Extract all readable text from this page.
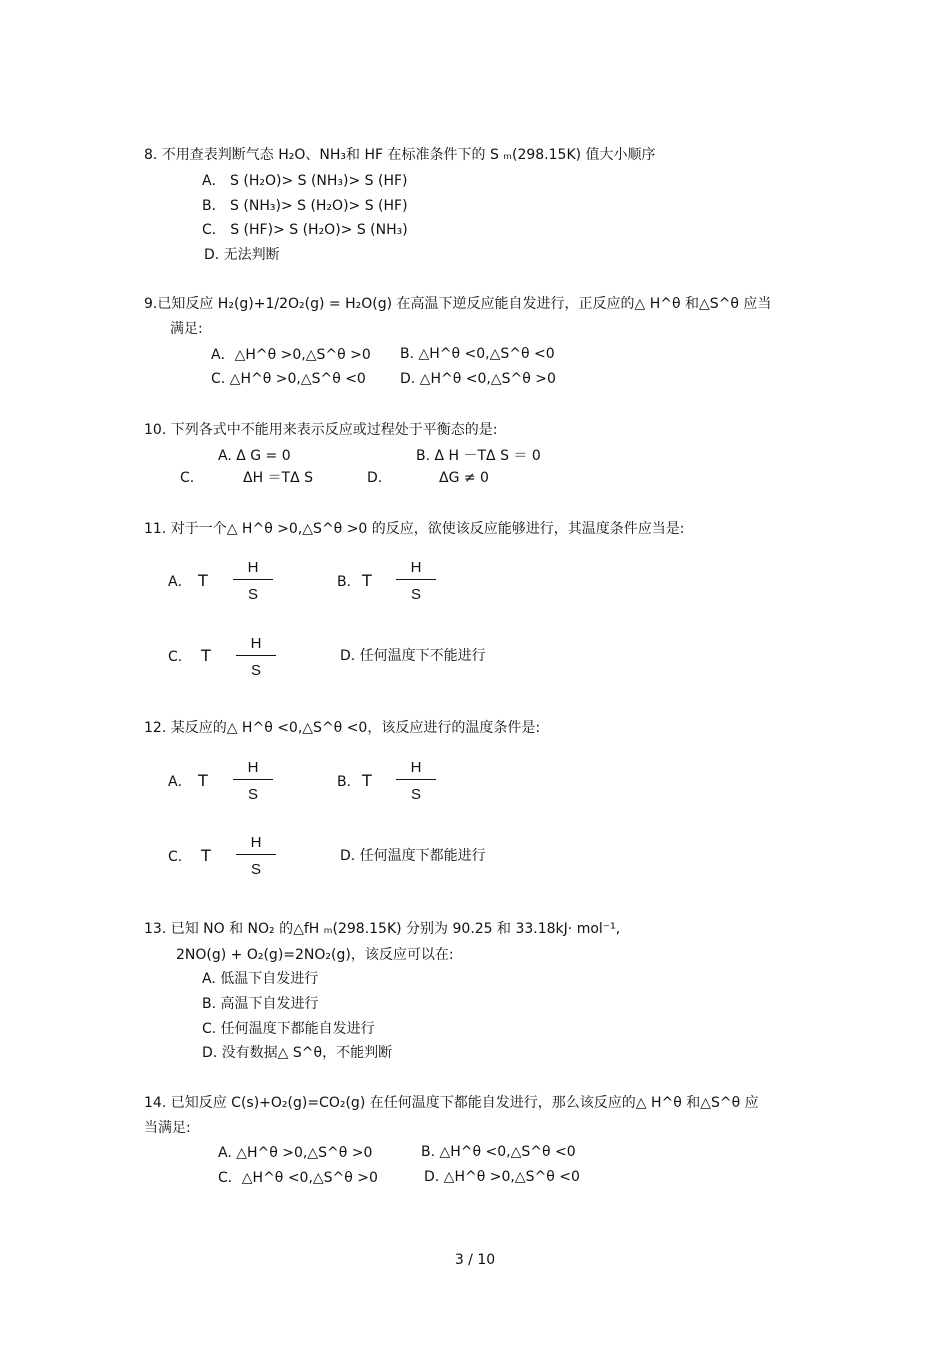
8. 不用查表判断气态 H₂O、NH₃和 HF 在标准条件下的 S ₘ(298.15K) 值大小顺序
A． S (H₂O)> S (NH₃)> S (HF)
B． S (NH₃)> S (H₂O)> S (HF)
C． S (HF)> S (H₂O)> S (NH₃)
D. 无法判断
9.已知反应 H₂(g)+1/2O₂(g) = H₂O(g) 在高温下逆反应能自发进行，正反应的△ H^θ 和△S^θ 应当
满足:
A．△H^θ >0,△S^θ >0 B. △H^θ <0,△S^θ <0
C. △H^θ >0,△S^θ <0 D. △H^θ <0,△S^θ >0
10. 下列各式中不能用来表示反应或过程处于平衡态的是:
A. Δ G = 0	B. Δ H －TΔ S ＝ 0
C.	ΔH ＝TΔ S	D.	ΔG ≠ 0
11. 对于一个△ H^θ >0,△S^θ >0 的反应，欲使该反应能够进行，其温度条件应当是:
A． T
H
S
B. T
H
S
C. T
H
S
D. 任何温度下不能进行
12. 某反应的△ H^θ <0,△S^θ <0，该反应进行的温度条件是:
A． T
H
S
B. T
H
S
C. T
H
S
D. 任何温度下都能进行
13. 已知 NO 和 NO₂ 的△fH ₘ(298.15K) 分别为 90.25 和 33.18kJ· mol⁻¹,
2NO(g) + O₂(g)=2NO₂(g)，该反应可以在:
A. 低温下自发进行
B. 高温下自发进行
C. 任何温度下都能自发进行
D. 没有数据△ S^θ，不能判断
14. 已知反应 C(s)+O₂(g)=CO₂(g) 在任何温度下都能自发进行，那么该反应的△ H^θ 和△S^θ 应
当满足:
A. △H^θ >0,△S^θ >0	B. △H^θ <0,△S^θ <0
C．△H^θ <0,△S^θ >0	D. △H^θ >0,△S^θ <0
3 / 10
